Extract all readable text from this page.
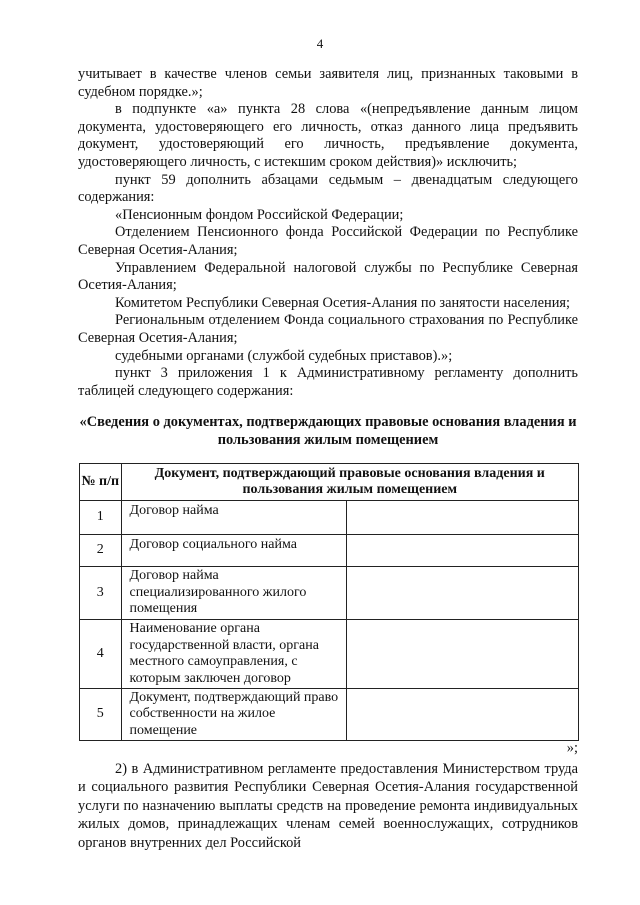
4

учитывает в качестве членов семьи заявителя лиц, признанных таковыми в судебном порядке.»;

в подпункте «а» пункта 28 слова «(непредъявление данным лицом документа, удостоверяющего его личность, отказ данного лица предъявить документ, удостоверяющий его личность, предъявление документа, удостоверяющего личность, с истекшим сроком действия)» исключить;

пункт 59 дополнить абзацами седьмым – двенадцатым следующего содержания:

«Пенсионным фондом Российской Федерации;

Отделением Пенсионного фонда Российской Федерации по Республике Северная Осетия-Алания;

Управлением Федеральной налоговой службы по Республике Северная Осетия-Алания;

Комитетом Республики Северная Осетия-Алания по занятости населения;

Региональным отделением Фонда социального страхования по Республике Северная Осетия-Алания;

судебными органами (службой судебных приставов).»;

пункт 3 приложения 1 к Административному регламенту дополнить таблицей следующего содержания:

«Сведения о документах, подтверждающих правовые основания владения и пользования жилым помещением
№ п/п	Документ, подтверждающий правовые основания владения и пользования жилым помещением	
1	Договор найма	
2	Договор социального найма	
3	Договор найма специализированного жилого помещения	
4	Наименование органа государственной власти, органа местного самоуправления, с которым заключен договор	
5	Документ, подтверждающий право собственности на жилое помещение	
»;

2) в Административном регламенте предоставления Министерством труда и социального развития Республики Северная Осетия-Алания государственной услуги по назначению выплаты средств на проведение ремонта индивидуальных жилых домов, принадлежащих членам семей военнослужащих, сотрудников органов внутренних дел Российской
